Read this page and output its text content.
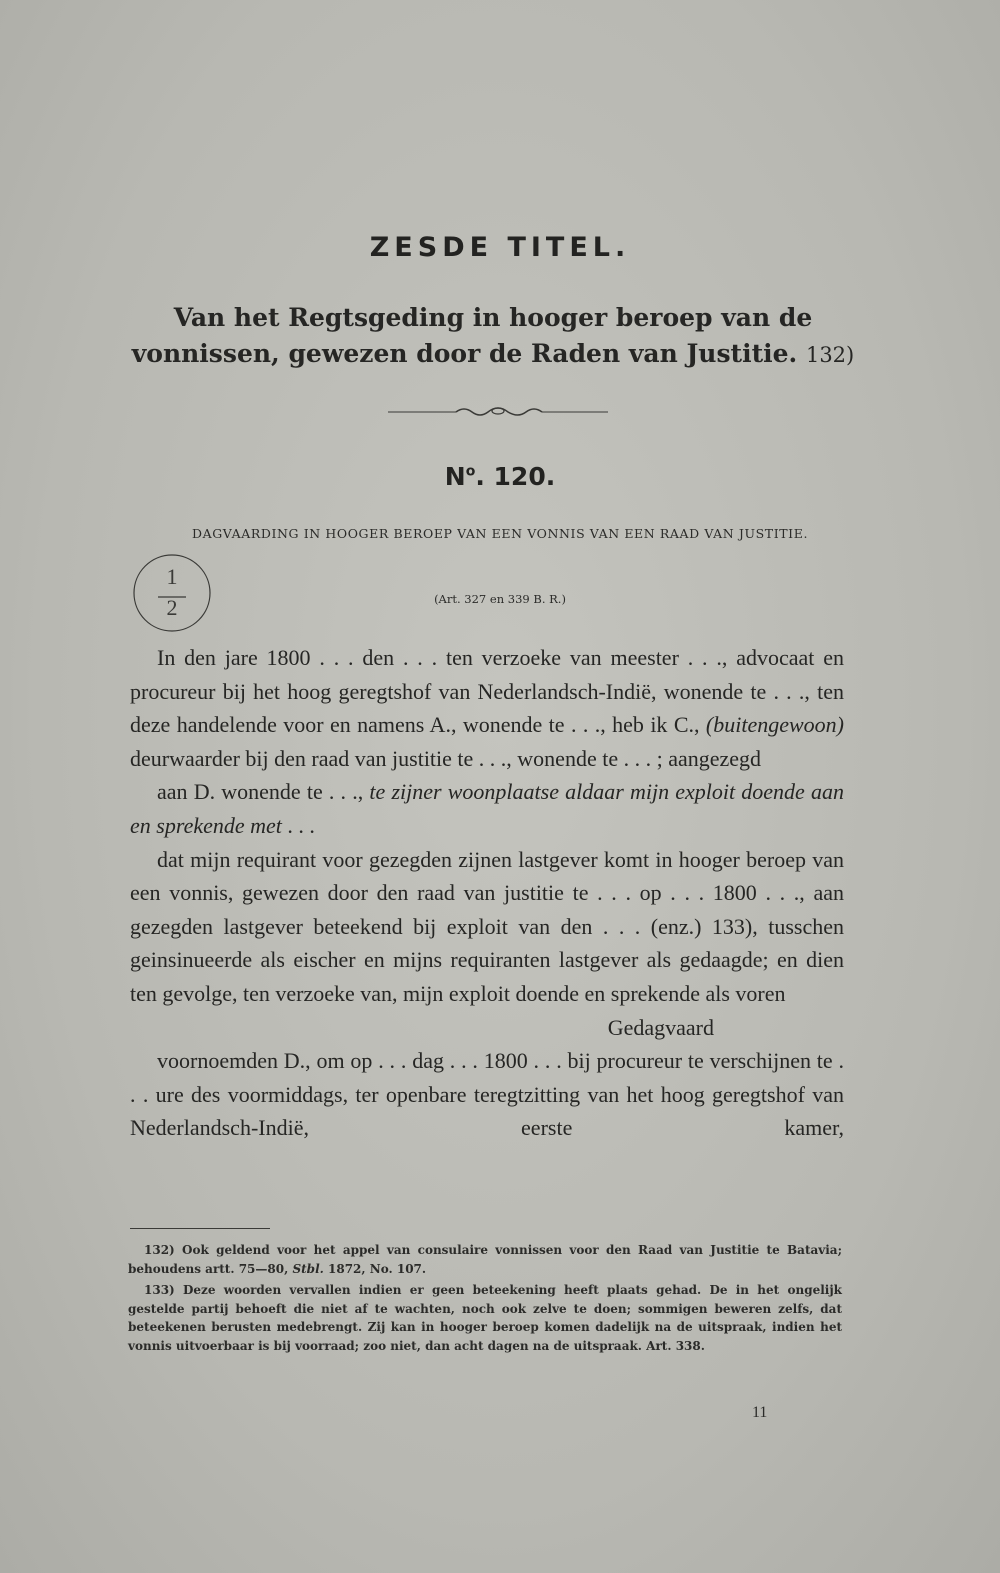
ZESDE TITEL.
Van het Regtsgeding in hooger beroep van de vonnissen, gewezen door de Raden van Justitie. 132)
$N^o$. 120.
DAGVAARDING IN HOOGER BEROEP VAN EEN VONNIS VAN EEN RAAD VAN JUSTITIE.
1
2	(Art. 327 en 339 B. R.)

In den jare 1800 . . . den . . . ten verzoeke van meester . . ., advocaat en procureur bij het hoog geregtshof van Nederlandsch-Indië, wonende te . . ., ten deze handelende voor en namens A., wonende te . . ., heb ik C., (buitengewoon) deurwaarder bij den raad van justitie te . . ., wonende te . . . ; aangezegd

aan D. wonende te . . ., te zijner woonplaatse aldaar mijn exploit doende aan en sprekende met . . .

dat mijn requirant voor gezegden zijnen lastgever komt in hooger beroep van een vonnis, gewezen door den raad van justitie te . . . op . . . 1800 . . ., aan gezegden lastgever beteekend bij exploit van den . . . (enz.) 133), tusschen geinsinueerde als eischer en mijns requiranten lastgever als gedaagde; en dien ten gevolge, ten verzoeke van, mijn exploit doende en sprekende als voren

Gedagvaard

voornoemden D., om op . . . dag . . . 1800 . . . bij procureur te verschijnen te . . . ure des voormiddags, ter openbare teregtzitting van het hoog geregtshof van Nederlandsch-Indië, eerste kamer,

132) Ook geldend voor het appel van consulaire vonnissen voor den Raad van Justitie te Batavia; behoudens artt. 75—80, Stbl. 1872, No. 107.

133) Deze woorden vervallen indien er geen beteekening heeft plaats gehad. De in het ongelijk gestelde partij behoeft die niet af te wachten, noch ook zelve te doen; sommigen beweren zelfs, dat beteekenen berusten medebrengt. Zij kan in hooger beroep komen dadelijk na de uitspraak, indien het vonnis uitvoerbaar is bij voorraad; zoo niet, dan acht dagen na de uitspraak. Art. 338.

11
